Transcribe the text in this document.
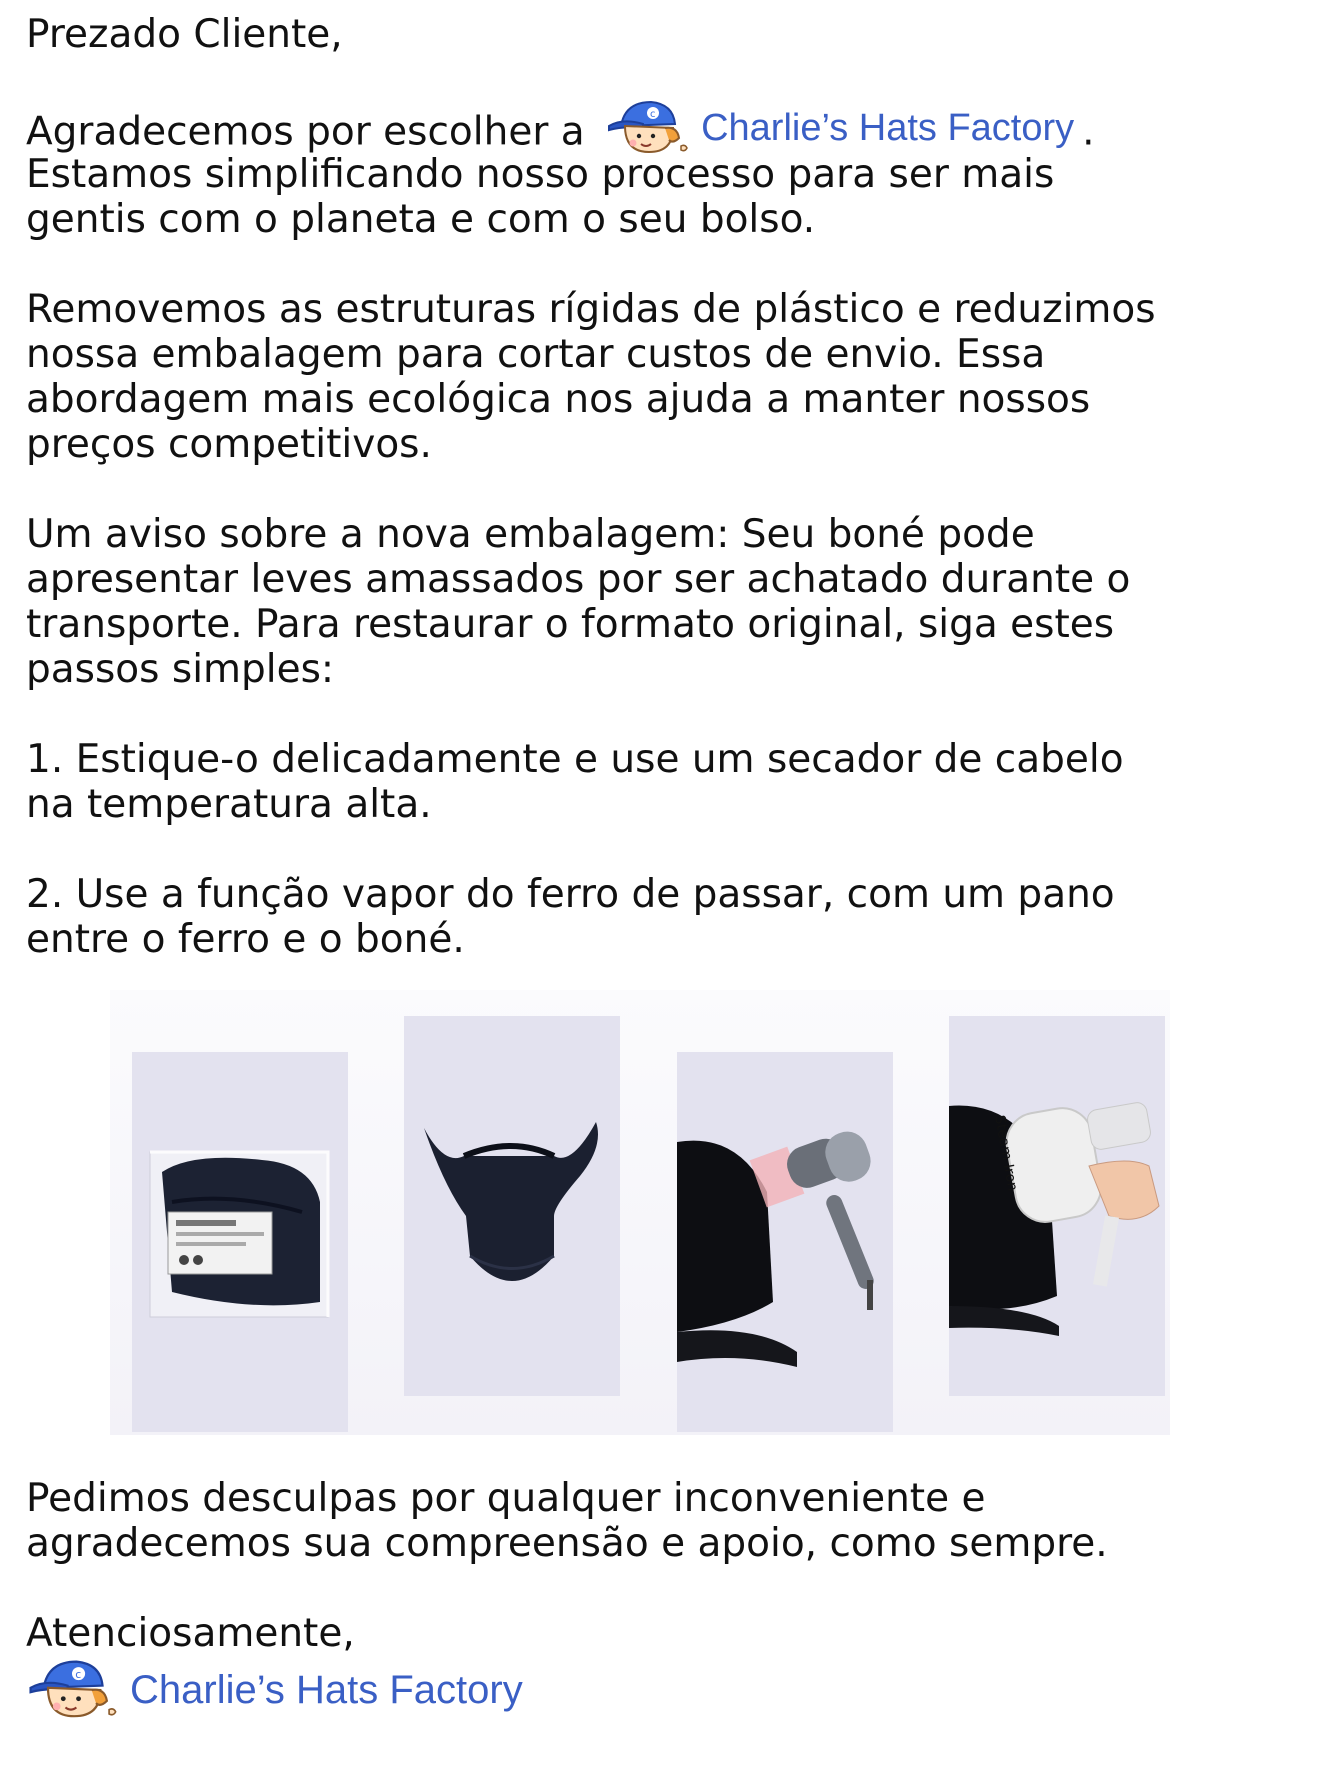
Prezado Cliente,

Agradecemos por escolher a	Charlie’s Hats Factory .

Estamos simplificando nosso processo para ser mais

gentis com o planeta e com o seu bolso.

Removemos as estruturas rígidas de plástico e reduzimos

nossa embalagem para cortar custos de envio. Essa

abordagem mais ecológica nos ajuda a manter nossos

preços competitivos.

Um aviso sobre a nova embalagem: Seu boné pode

apresentar leves amassados por ser achatado durante o

transporte. Para restaurar o formato original, siga estes

passos simples:

1. Estique-o delicadamente e use um secador de cabelo

na temperatura alta.

2. Use a função vapor do ferro de passar, com um pano

entre o ferro e o boné.

Steam Iron

Pedimos desculpas por qualquer inconveniente e

agradecemos sua compreensão e apoio, como sempre.

Atenciosamente,

Charlie’s Hats Factory
